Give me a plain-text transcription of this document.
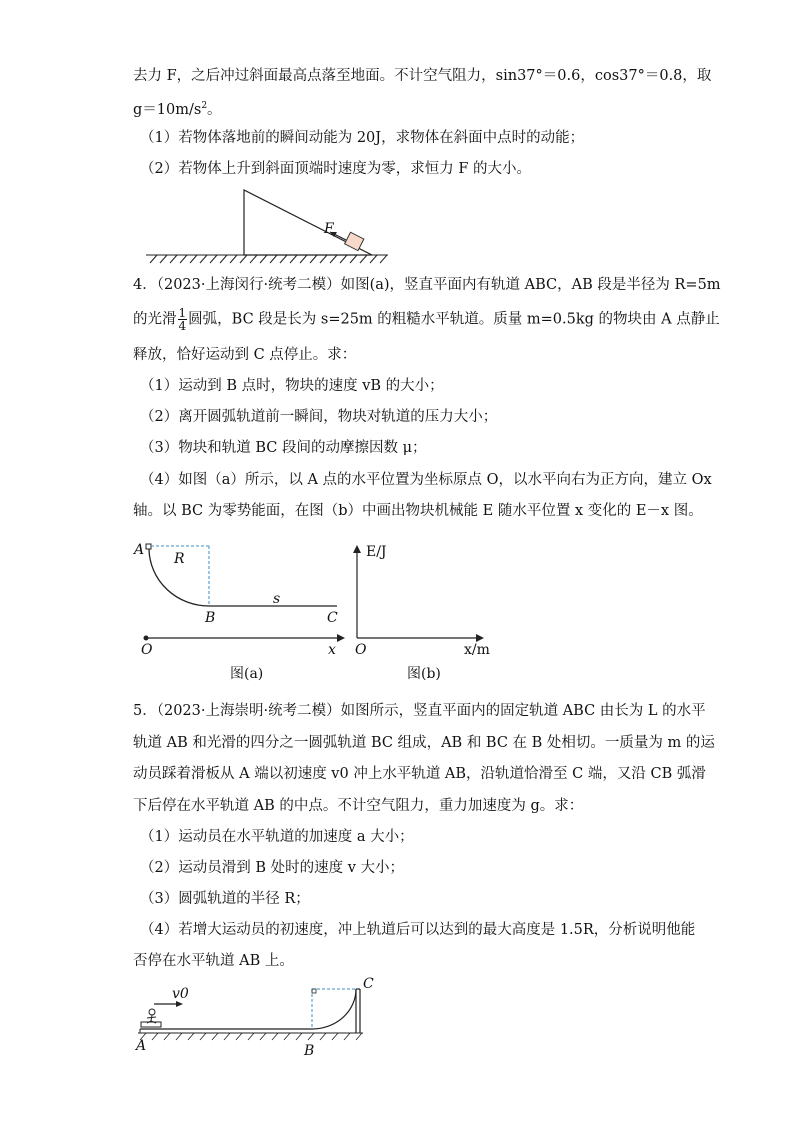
去力 F，之后冲过斜面最高点落至地面。不计空气阻力，sin37°＝0.6，cos37°＝0.8，取
$g=10m/s^2$。
（1）若物体落地前的瞬间动能为 20J，求物体在斜面中点时的动能；
（2）若物体上升到斜面顶端时速度为零，求恒力 F 的大小。
F
4．（2023·上海闵行·统考二模）如图(a)，竖直平面内有轨道 ABC，AB 段是半径为 R=5m
的光滑 $\frac{1}{4}$ 圆弧，BC 段是长为 s=25m 的粗糙水平轨道。质量 m=0.5kg 的物块由 A 点静止
释放，恰好运动到 C 点停止。求：
（1）运动到 B 点时，物块的速度 vB 的大小；
（2）离开圆弧轨道前一瞬间，物块对轨道的压力大小；
（3）物块和轨道 BC 段间的动摩擦因数 μ；
（4）如图（a）所示，以 A 点的水平位置为坐标原点 O，以水平向右为正方向，建立 Ox
轴。以 BC 为零势能面，在图（b）中画出物块机械能 E 随水平位置 x 变化的 E－x 图。
A
R
B
s
C
O	x
图(a)
E/J
O	x/m
图(b)
5．（2023·上海崇明·统考二模）如图所示，竖直平面内的固定轨道 ABC 由长为 L 的水平
轨道 AB 和光滑的四分之一圆弧轨道 BC 组成，AB 和 BC 在 B 处相切。一质量为 m 的运
动员踩着滑板从 A 端以初速度 v0 冲上水平轨道 AB，沿轨道恰滑至 C 端，又沿 CB 弧滑
下后停在水平轨道 AB 的中点。不计空气阻力，重力加速度为 g。求：
（1）运动员在水平轨道的加速度 a 大小；
（2）运动员滑到 B 处时的速度 v 大小；
（3）圆弧轨道的半径 R；
（4）若增大运动员的初速度，冲上轨道后可以达到的最大高度是 1.5R，分析说明他能
否停在水平轨道 AB 上。
v0
A	B
C
